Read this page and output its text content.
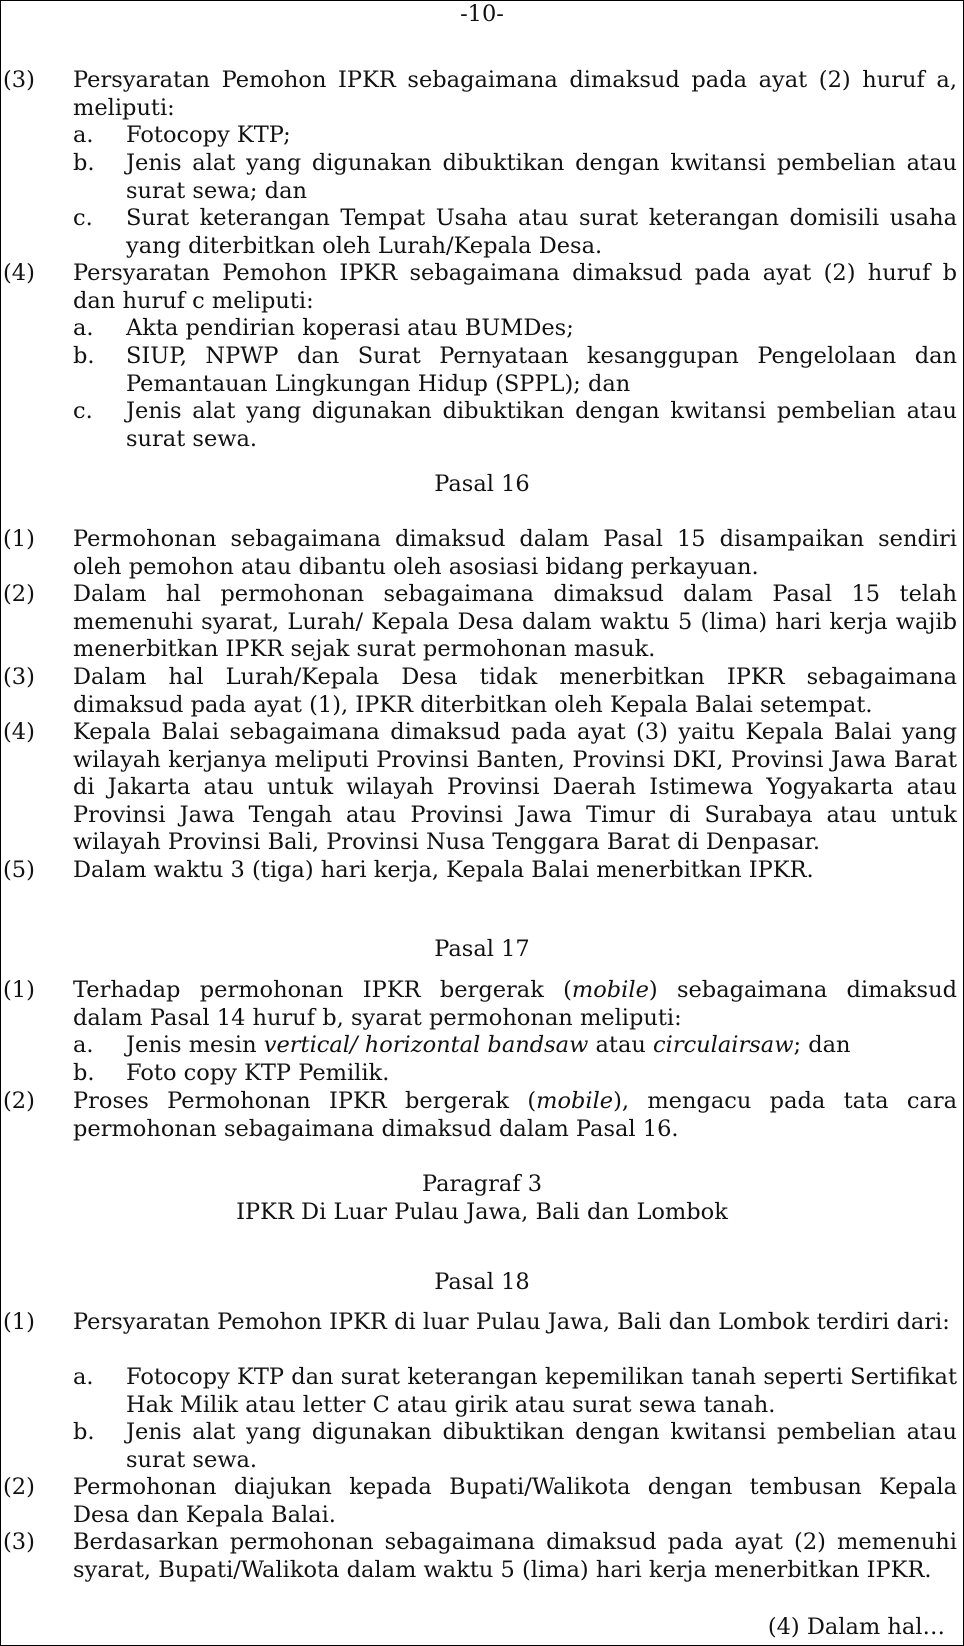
-10-
(3) Persyaratan Pemohon IPKR sebagaimana dimaksud pada ayat (2) huruf a, meliputi:
a. Fotocopy KTP;
b. Jenis alat yang digunakan dibuktikan dengan kwitansi pembelian atau surat sewa; dan
c. Surat keterangan Tempat Usaha atau surat keterangan domisili usaha yang diterbitkan oleh Lurah/Kepala Desa.
(4) Persyaratan Pemohon IPKR sebagaimana dimaksud pada ayat (2) huruf b dan huruf c meliputi:
a. Akta pendirian koperasi atau BUMDes;
b. SIUP, NPWP dan Surat Pernyataan kesanggupan Pengelolaan dan Pemantauan Lingkungan Hidup (SPPL); dan
c. Jenis alat yang digunakan dibuktikan dengan kwitansi pembelian atau surat sewa.
Pasal 16
(1) Permohonan sebagaimana dimaksud dalam Pasal 15 disampaikan sendiri oleh pemohon atau dibantu oleh asosiasi bidang perkayuan.
(2) Dalam hal permohonan sebagaimana dimaksud dalam Pasal 15 telah memenuhi syarat, Lurah/ Kepala Desa dalam waktu 5 (lima) hari kerja wajib menerbitkan IPKR sejak surat permohonan masuk.
(3) Dalam hal Lurah/Kepala Desa tidak menerbitkan IPKR sebagaimana dimaksud pada ayat (1), IPKR diterbitkan oleh Kepala Balai setempat.
(4) Kepala Balai sebagaimana dimaksud pada ayat (3) yaitu Kepala Balai yang wilayah kerjanya meliputi Provinsi Banten, Provinsi DKI, Provinsi Jawa Barat di Jakarta atau untuk wilayah Provinsi Daerah Istimewa Yogyakarta atau Provinsi Jawa Tengah atau Provinsi Jawa Timur di Surabaya atau untuk wilayah Provinsi Bali, Provinsi Nusa Tenggara Barat di Denpasar.
(5) Dalam waktu 3 (tiga) hari kerja, Kepala Balai menerbitkan IPKR.
Pasal 17
(1) Terhadap permohonan IPKR bergerak (mobile) sebagaimana dimaksud dalam Pasal 14 huruf b, syarat permohonan meliputi:
a. Jenis mesin vertical/ horizontal bandsaw atau circulairsaw; dan
b. Foto copy KTP Pemilik.
(2) Proses Permohonan IPKR bergerak (mobile), mengacu pada tata cara permohonan sebagaimana dimaksud dalam Pasal 16.
Paragraf 3
IPKR Di Luar Pulau Jawa, Bali dan Lombok
Pasal 18
(1) Persyaratan Pemohon IPKR di luar Pulau Jawa, Bali dan Lombok terdiri dari:
a. Fotocopy KTP dan surat keterangan kepemilikan tanah seperti Sertifikat Hak Milik atau letter C atau girik atau surat sewa tanah.
b. Jenis alat yang digunakan dibuktikan dengan kwitansi pembelian atau surat sewa.
(2) Permohonan diajukan kepada Bupati/Walikota dengan tembusan Kepala Desa dan Kepala Balai.
(3) Berdasarkan permohonan sebagaimana dimaksud pada ayat (2) memenuhi syarat, Bupati/Walikota dalam waktu 5 (lima) hari kerja menerbitkan IPKR.
(4) Dalam hal…
